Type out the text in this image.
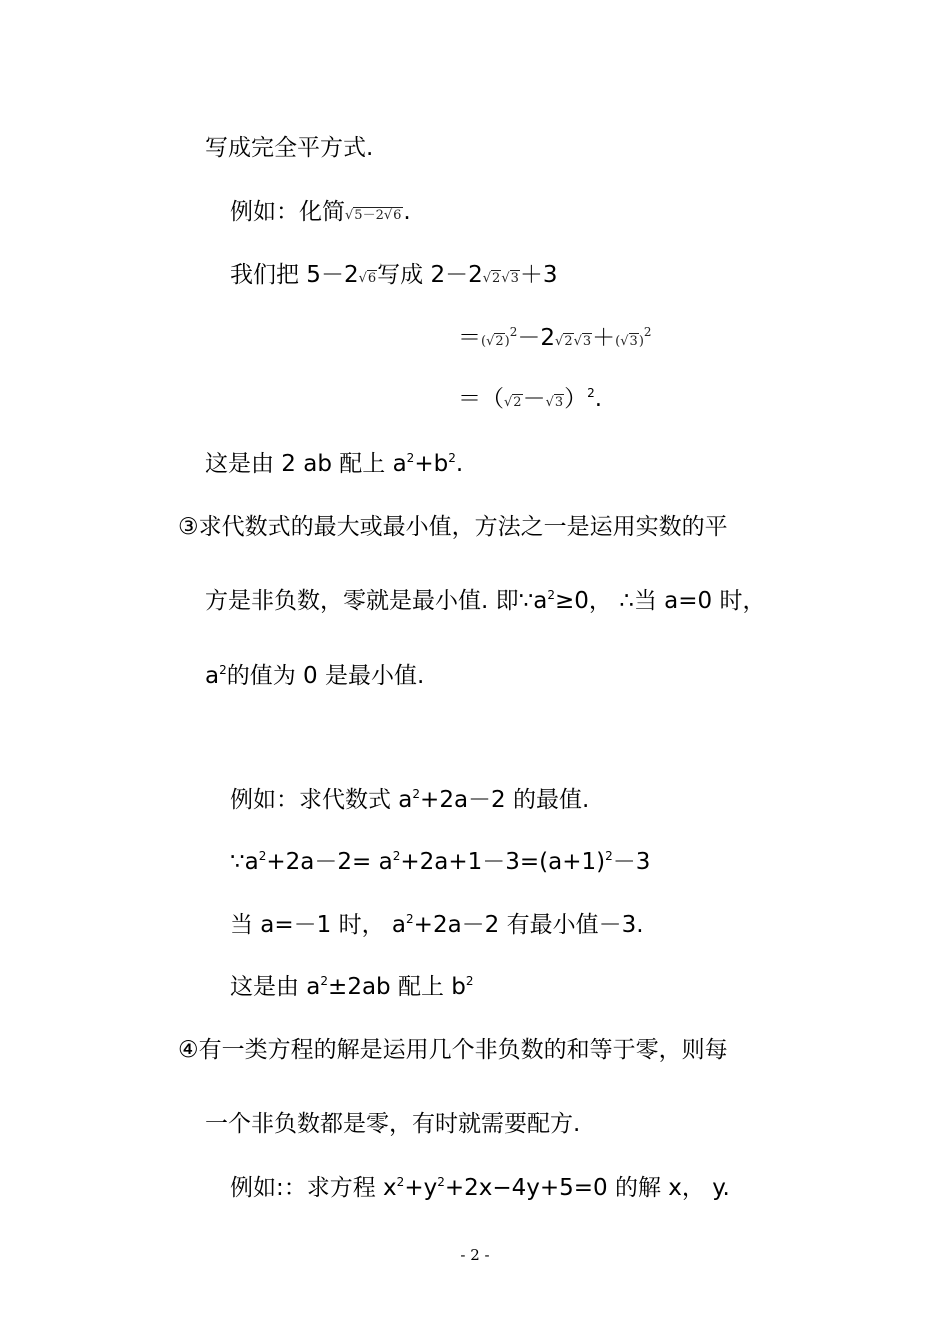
写成完全平方式.
例如：化简√5－2√6.
我们把 5－2√6写成 2－2√2√3＋3
＝(√2)2－2√2√3＋(√3)2
$=(√2-√3)^2$.
这是由 2 ab 配上 $a^2+b^2$.
③求代数式的最大或最小值，方法之一是运用实数的平
方是非负数，零就是最小值. 即$\because a^2\ge 0$， ∴当 a=0 时，
$a^2$的值为 0 是最小值.
例如：求代数式 $a^2+2a-2$ 的最值.
$\because a^2+2a-2= a^2+2a+1-3=(a+1)^2-3$
当 a=－1 时， $a^2+2a-2$ 有最小值－3.
这是由 $a^2\pm 2ab$ 配上 $b^2$
④有一类方程的解是运用几个非负数的和等于零，则每
一个非负数都是零，有时就需要配方.
例如:：求方程 $x^2+y^2+2x-4y+5=0$ 的解 x， y.
- 2 -
